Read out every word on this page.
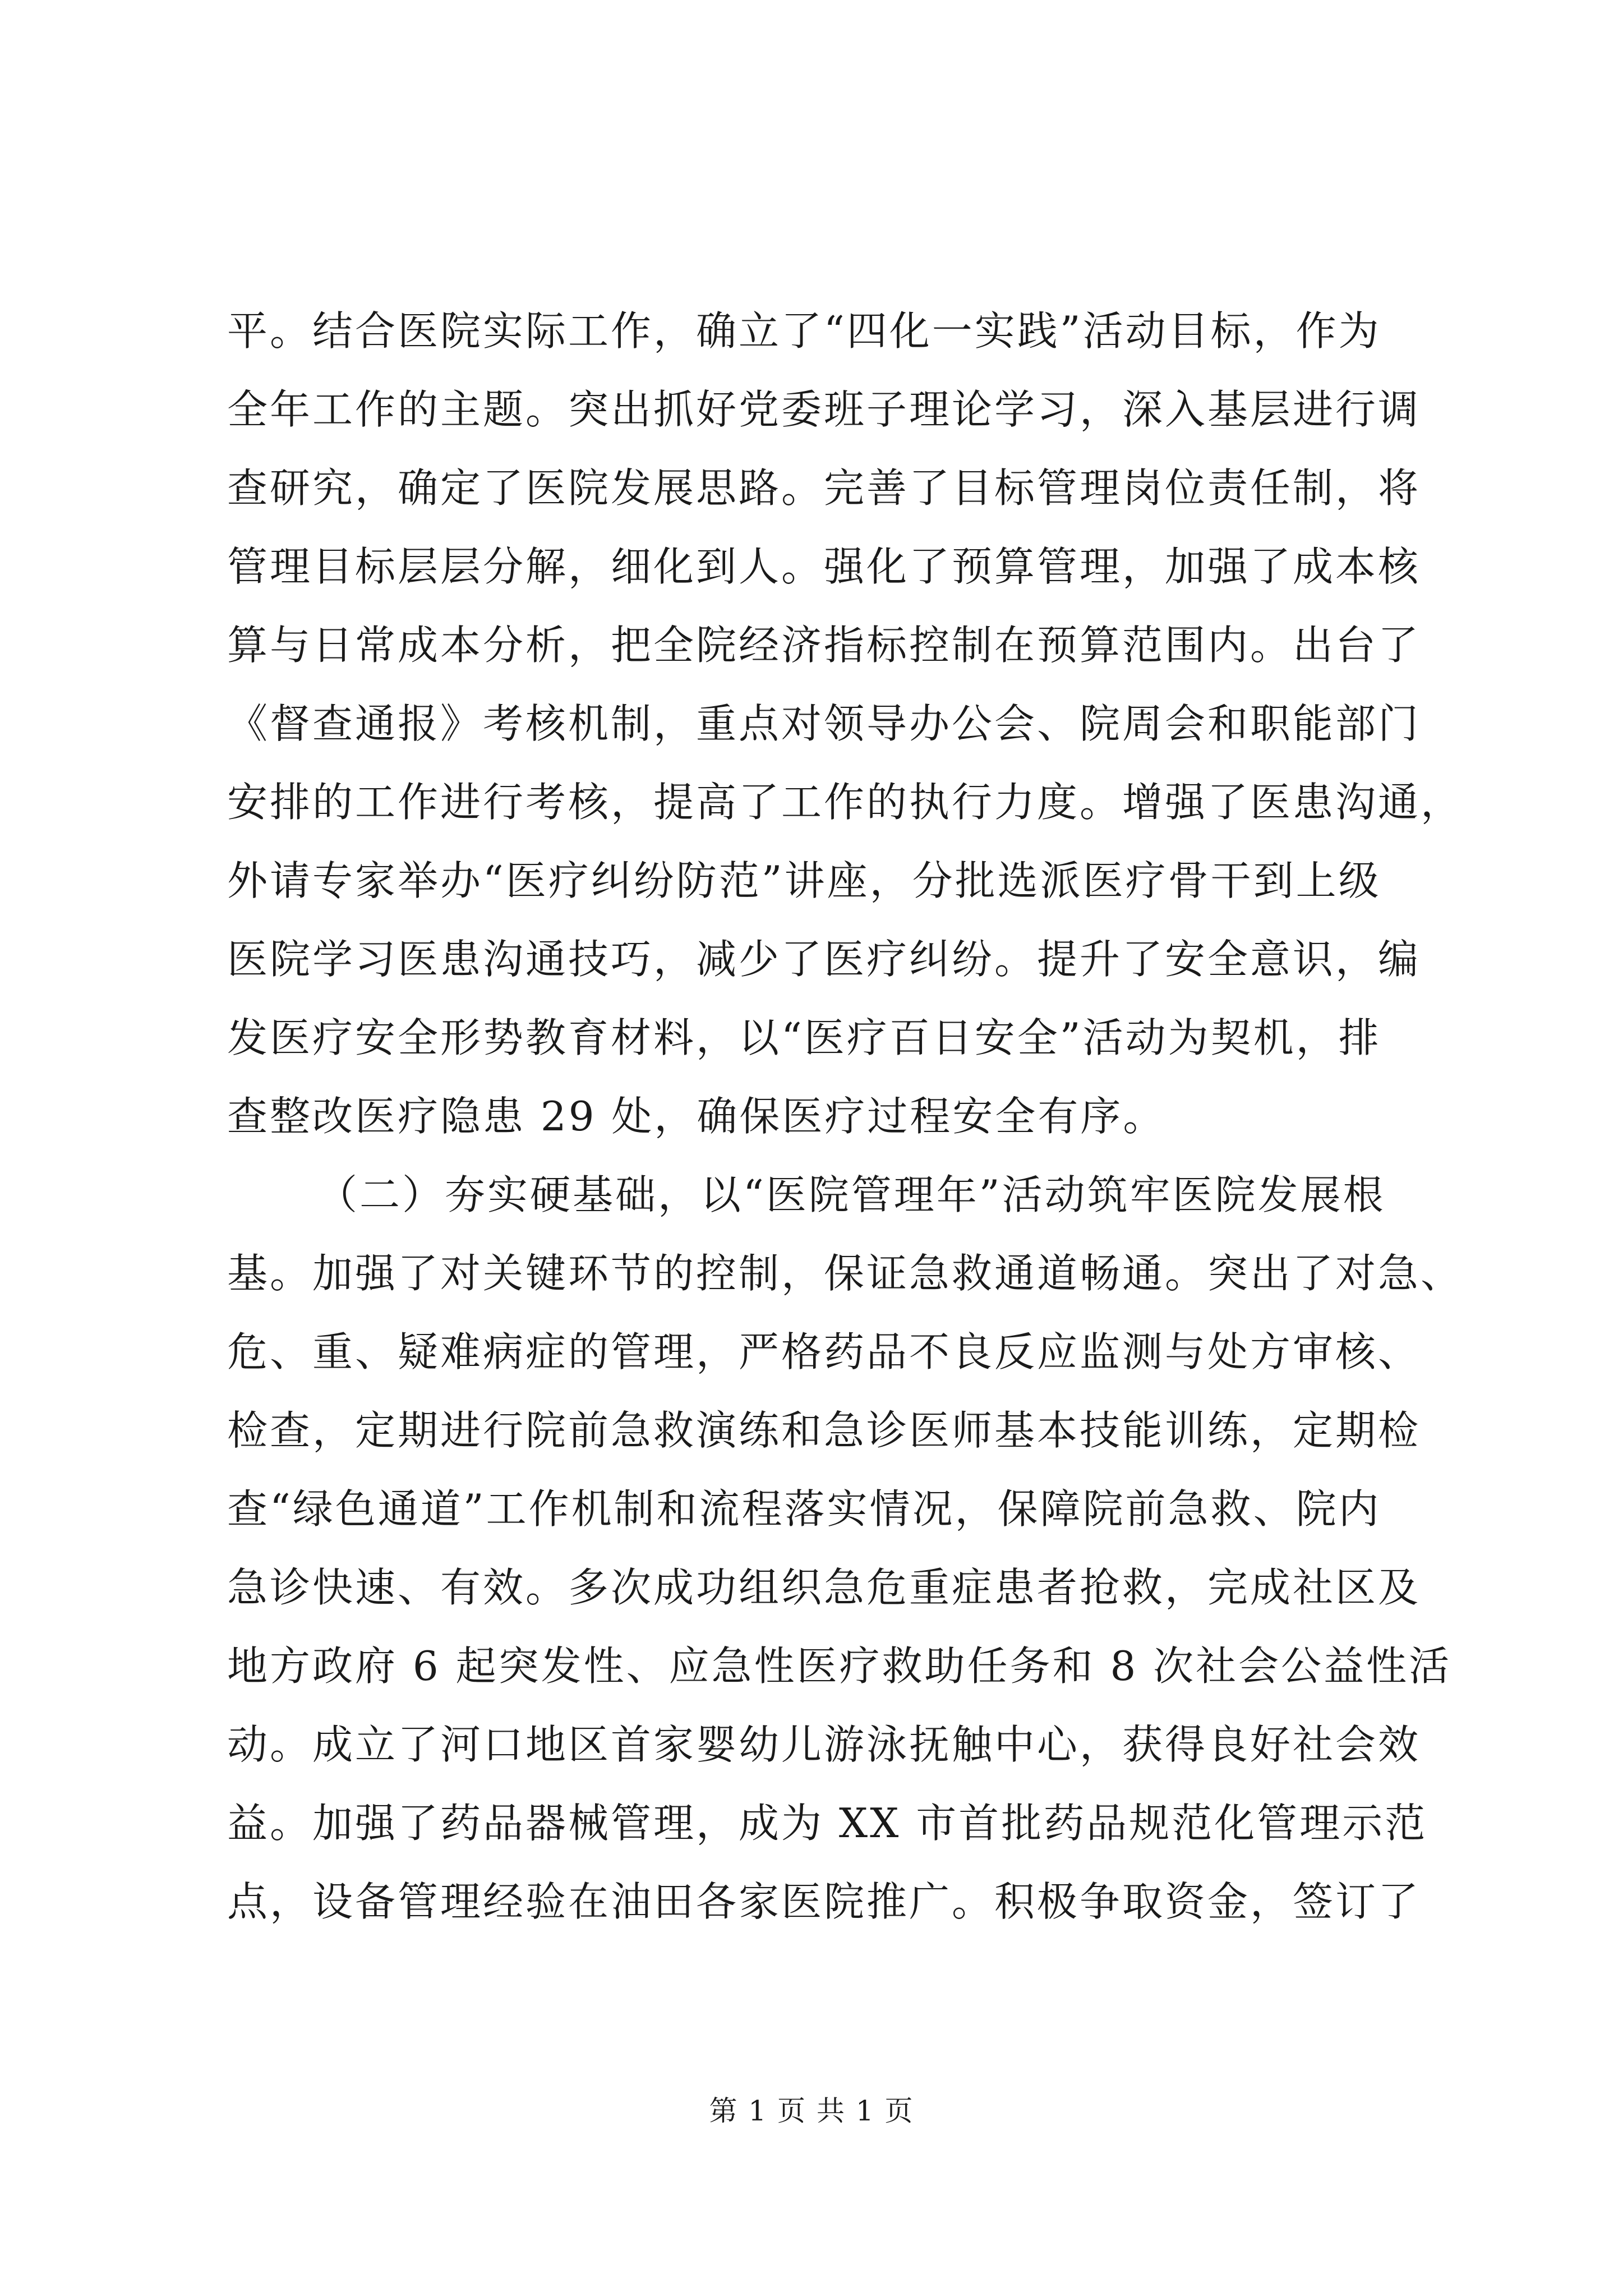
平。结合医院实际工作，确立了“四化一实践”活动目标，作为
全年工作的主题。突出抓好党委班子理论学习，深入基层进行调
查研究，确定了医院发展思路。完善了目标管理岗位责任制，将
管理目标层层分解，细化到人。强化了预算管理，加强了成本核
算与日常成本分析，把全院经济指标控制在预算范围内。出台了
《督查通报》考核机制，重点对领导办公会、院周会和职能部门
安排的工作进行考核，提高了工作的执行力度。增强了医患沟通，
外请专家举办“医疗纠纷防范”讲座，分批选派医疗骨干到上级
医院学习医患沟通技巧，减少了医疗纠纷。提升了安全意识，编
发医疗安全形势教育材料，以“医疗百日安全”活动为契机，排
查整改医疗隐患 29 处，确保医疗过程安全有序。
（二）夯实硬基础，以“医院管理年”活动筑牢医院发展根
基。加强了对关键环节的控制，保证急救通道畅通。突出了对急、
危、重、疑难病症的管理，严格药品不良反应监测与处方审核、
检查，定期进行院前急救演练和急诊医师基本技能训练，定期检
查“绿色通道”工作机制和流程落实情况，保障院前急救、院内
急诊快速、有效。多次成功组织急危重症患者抢救，完成社区及
地方政府 6 起突发性、应急性医疗救助任务和 8 次社会公益性活
动。成立了河口地区首家婴幼儿游泳抚触中心，获得良好社会效
益。加强了药品器械管理，成为 XX 市首批药品规范化管理示范
点，设备管理经验在油田各家医院推广。积极争取资金，签订了
第 1 页 共 1 页
